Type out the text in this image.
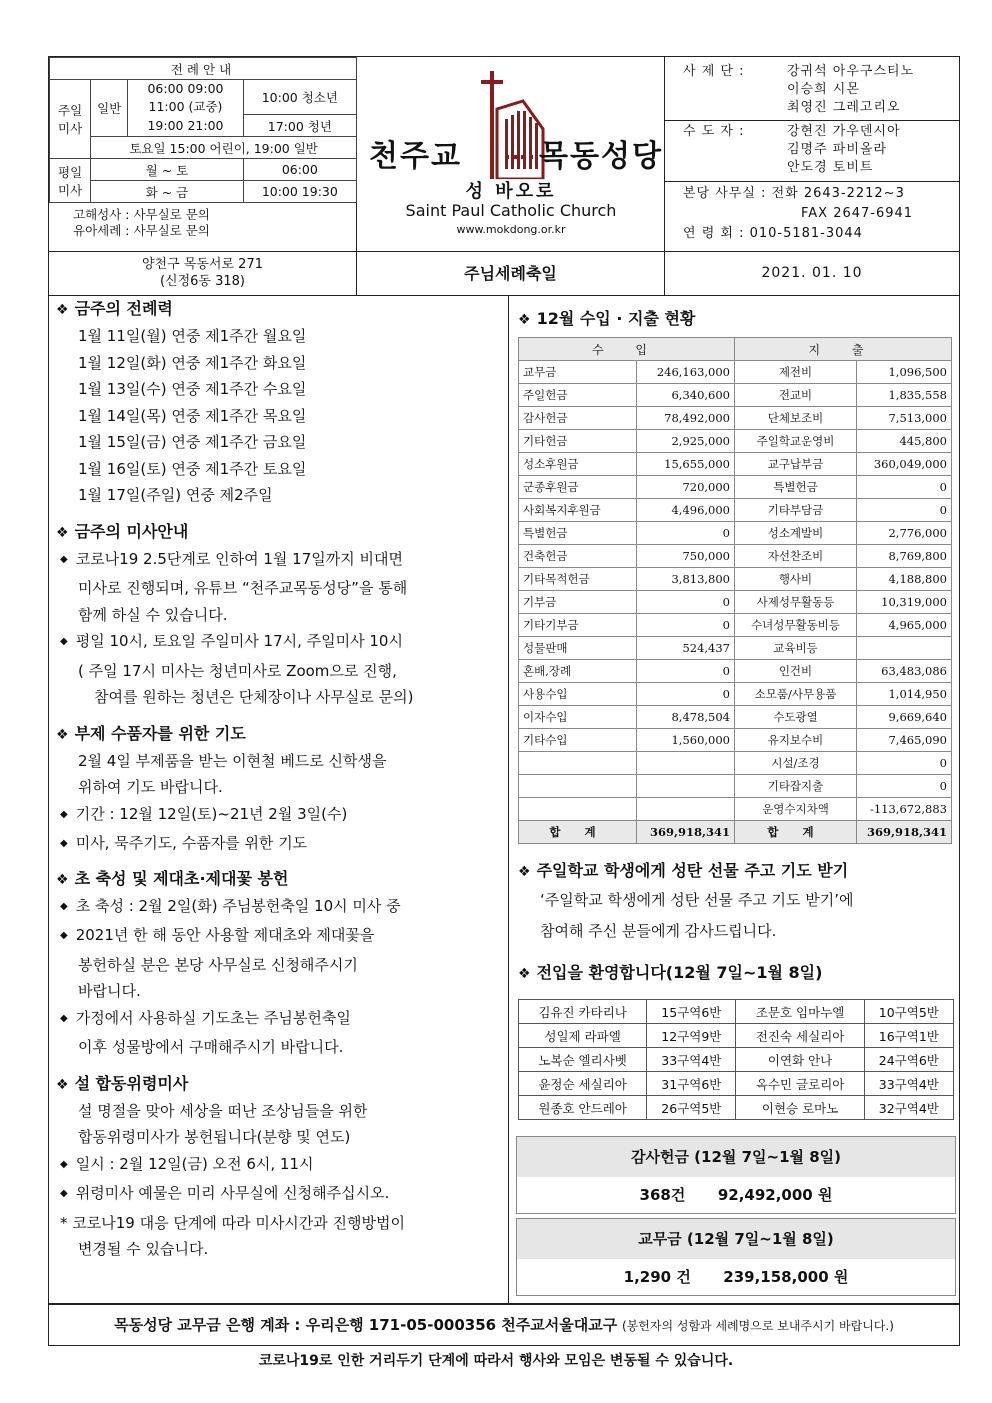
전례안내			
주일미사	일반	06:00 09:00	10:00 청소년
		11:00 (교중)	
		19:00 21:00	17:00 청년
	토요일 15:00 어린이, 19:00 일반		
평일미사	월 ~ 토		06:00
	화 ~ 금		10:00 19:30
고해성사 : 사무실로 문의
유아세례 : 사무실로 문의
천주교	목동성당
성 바오로
Saint Paul Catholic Church
www.mokdong.or.kr
사 제 단 :	강귀석 아우구스티노
이승희 시몬
최영진 그레고리오
수 도 자 :	강현진 가우덴시아
김명주 파비올라
안도경 토비트
본당 사무실 : 전화 2643-2212~3
FAX 2647-6941
연 령 회 : 010-5181-3044
양천구 목동서로 271
(신정6동 318)	주님세례축일	2021. 01. 10
❖ 금주의 전례력
1월 11일(월) 연중 제1주간 월요일
1월 12일(화) 연중 제1주간 화요일
1월 13일(수) 연중 제1주간 수요일
1월 14일(목) 연중 제1주간 목요일
1월 15일(금) 연중 제1주간 금요일
1월 16일(토) 연중 제1주간 토요일
1월 17일(주일) 연중 제2주일
❖ 금주의 미사안내
◆ 코로나19 2.5단계로 인하여 1월 17일까지 비대면
미사로 진행되며, 유튜브 “천주교목동성당”을 통해
함께 하실 수 있습니다.
◆ 평일 10시, 토요일 주일미사 17시, 주일미사 10시
( 주일 17시 미사는 청년미사로 Zoom으로 진행,
참여를 원하는 청년은 단체장이나 사무실로 문의)
❖ 부제 수품자를 위한 기도
2월 4일 부제품을 받는 이현철 베드로 신학생을
위하여 기도 바랍니다.
◆ 기간 : 12월 12일(토)~21년 2월 3일(수)
◆ 미사, 묵주기도, 수품자를 위한 기도
❖ 초 축성 및 제대초·제대꽃 봉헌
◆ 초 축성 : 2월 2일(화) 주님봉헌축일 10시 미사 중
◆ 2021년 한 해 동안 사용할 제대초와 제대꽃을
봉헌하실 분은 본당 사무실로 신청해주시기
바랍니다.
◆ 가정에서 사용하실 기도초는 주님봉헌축일
이후 성물방에서 구매해주시기 바랍니다.
❖ 설 합동위령미사
설 명절을 맞아 세상을 떠난 조상님들을 위한
합동위령미사가 봉헌됩니다(분향 및 연도)
◆ 일시 : 2월 12일(금) 오전 6시, 11시
◆ 위령미사 예물은 미리 사무실에 신청해주십시오.
* 코로나19 대응 단계에 따라 미사시간과 진행방법이
변경될 수 있습니다.
❖ 12월 수입 · 지출 현황
수 입		지 출	
교무금	246,163,000	제전비	1,096,500
주일헌금	6,340,600	전교비	1,835,558
감사헌금	78,492,000	단체보조비	7,513,000
기타헌금	2,925,000	주일학교운영비	445,800
성소후원금	15,655,000	교구납부금	360,049,000
군종후원금	720,000	특별헌금	0
사회복지후원금	4,496,000	기타부담금	0
특별헌금	0	성소계발비	2,776,000
건축헌금	750,000	자선찬조비	8,769,800
기타목적헌금	3,813,800	행사비	4,188,800
기부금	0	사제성무활동등	10,319,000
기타기부금	0	수녀성무활동비등	4,965,000
성물판매	524,437	교육비등	
혼배,장례	0	인건비	63,483,086
사용수입	0	소모품/사무용품	1,014,950
이자수입	8,478,504	수도광열	9,669,640
기타수입	1,560,000	유지보수비	7,465,090
		시설/조경	0
		기타잡지출	0
		운영수지차액	-113,672,883
합 계	369,918,341	합 계	369,918,341
❖ 주일학교 학생에게 성탄 선물 주고 기도 받기
‘주일학교 학생에게 성탄 선물 주고 기도 받기’에
참여해 주신 분들에게 감사드립니다.
❖ 전입을 환영합니다(12월 7일~1월 8일)
김유진 카타리나	15구역6반	조문호 임마누엘	10구역5반
성일제 라파엘	12구역9반	전진숙 세실리아	16구역1반
노복순 엘리사벳	33구역4반	이연화 안나	24구역6반
윤정순 세실리아	31구역6반	옥수민 글로리아	33구역4반
원종호 안드레아	26구역5반	이현승 로마노	32구역4반
감사헌금 (12월 7일~1월 8일)
368건 92,492,000 원
교무금 (12월 7일~1월 8일)
1,290 건 239,158,000 원
목동성당 교무금 은행 계좌 : 우리은행 171-05-000356 천주교서울대교구 (봉헌자의 성함과 세례명으로 보내주시기 바랍니다.)
코로나19로 인한 거리두기 단계에 따라서 행사와 모임은 변동될 수 있습니다.
